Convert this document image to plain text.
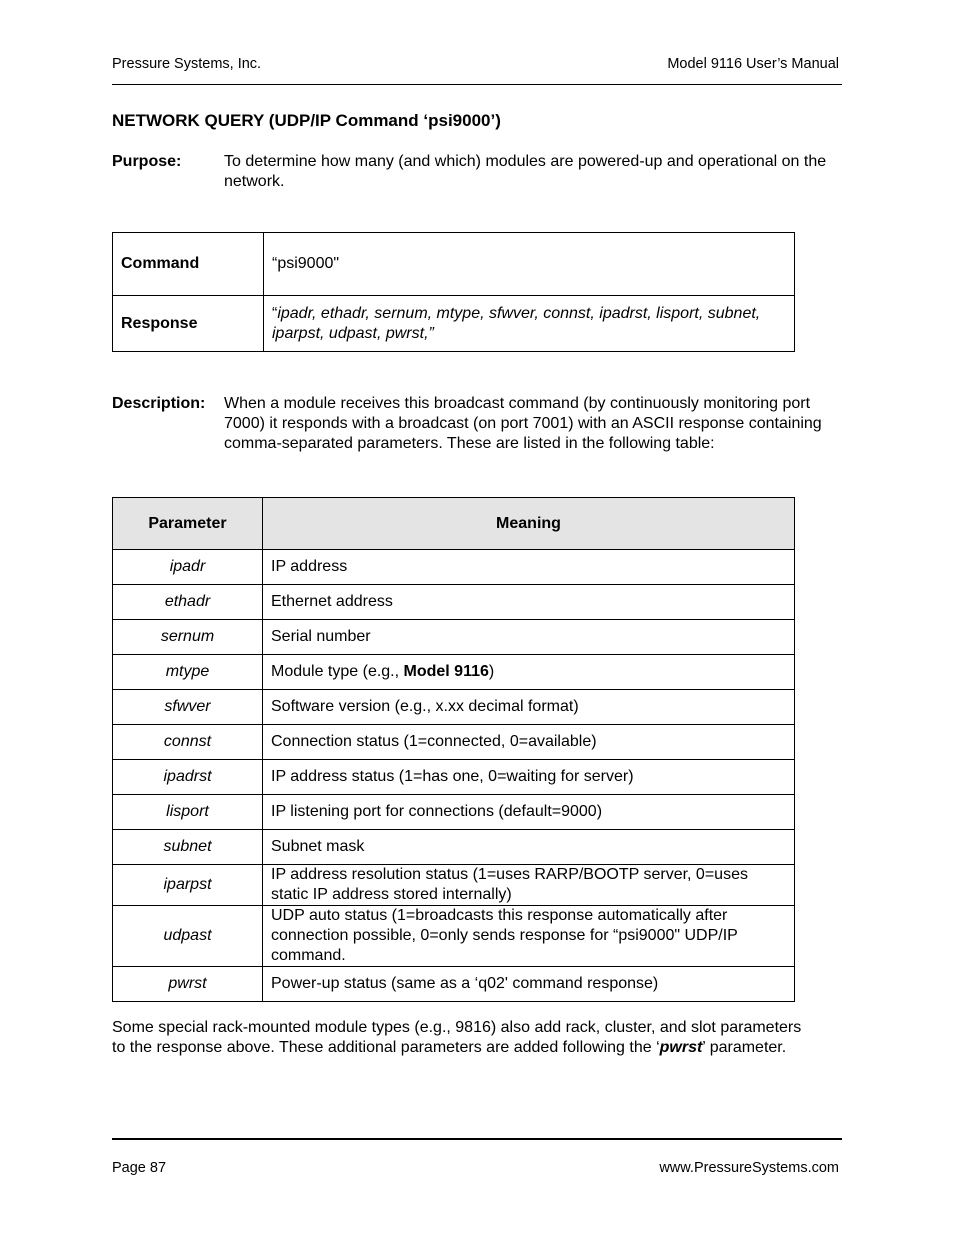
Pressure Systems, Inc.	Model 9116 User’s Manual
NETWORK QUERY (UDP/IP Command ‘psi9000’)
Purpose:	To determine how many (and which) modules are powered-up and operational on the network.
Command	“psi9000"
Response	“ipadr, ethadr, sernum, mtype, sfwver, connst, ipadrst, lisport, subnet, iparpst, udpast, pwrst,”
Description: When a module receives this broadcast command (by continuously monitoring port 7000) it responds with a broadcast (on port 7001) with an ASCII response containing comma-separated parameters. These are listed in the following table:
Parameter	Meaning
ipadr	IP address
ethadr	Ethernet address
sernum	Serial number
mtype	Module type (e.g., Model 9116)
sfwver	Software version (e.g., x.xx decimal format)
connst	Connection status (1=connected, 0=available)
ipadrst	IP address status (1=has one, 0=waiting for server)
lisport	IP listening port for connections (default=9000)
subnet	Subnet mask
iparpst	IP address resolution status (1=uses RARP/BOOTP server, 0=uses static IP address stored internally)
udpast	UDP auto status (1=broadcasts this response automatically after connection possible, 0=only sends response for “psi9000" UDP/IP command.
pwrst	Power-up status (same as a ‘q02' command response)
Some special rack-mounted module types (e.g., 9816) also add rack, cluster, and slot parameters to the response above. These additional parameters are added following the ‘pwrst’ parameter.
Page 87	www.PressureSystems.com
